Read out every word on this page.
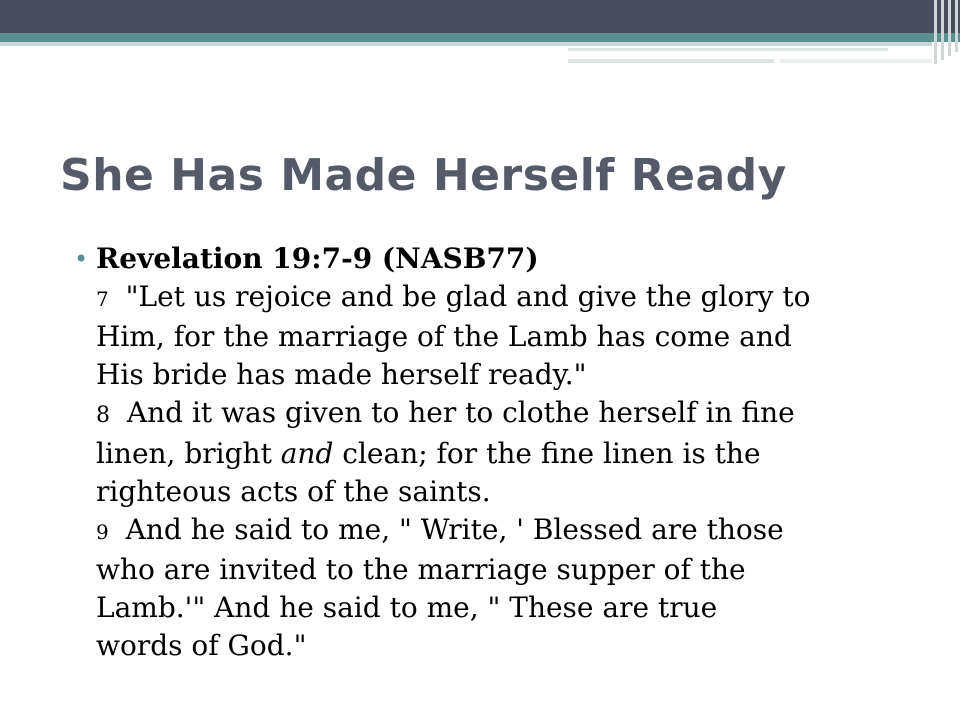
She Has Made Herself Ready
• Revelation 19:7-9 (NASB77)
7 "Let us rejoice and be glad and give the glory to
Him, for the marriage of the Lamb has come and
His bride has made herself ready."
8 And it was given to her to clothe herself in fine
linen, bright and clean; for the fine linen is the
righteous acts of the saints.
9 And he said to me, " Write, ' Blessed are those
who are invited to the marriage supper of the
Lamb.'" And he said to me, " These are true
words of God."
